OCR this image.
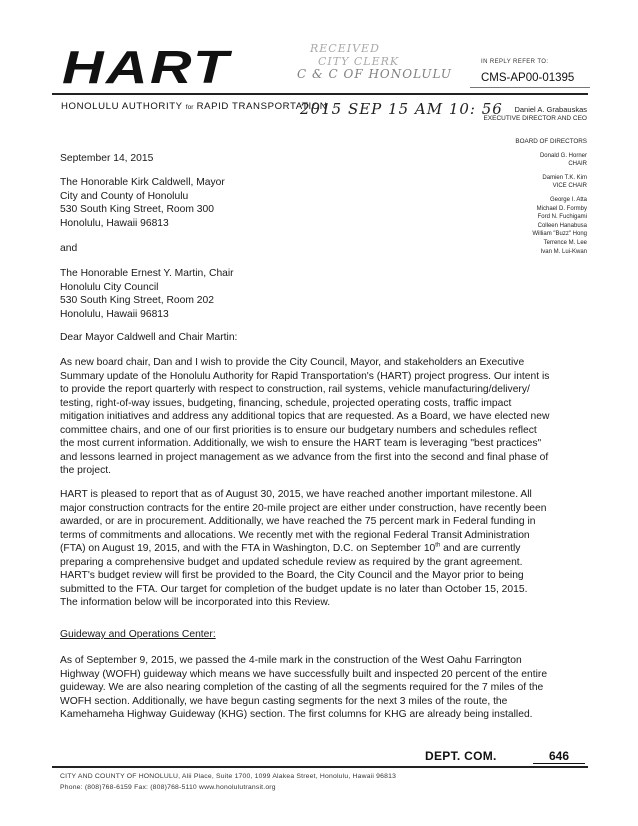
HART
HONOLULU AUTHORITY for RAPID TRANSPORTATION
RECEIVED
CITY CLERK
C & C OF HONOLULU
2015 SEP 15 AM 10: 56
IN REPLY REFER TO:
CMS-AP00-01395
Daniel A. Grabauskas
EXECUTIVE DIRECTOR AND CEO
BOARD OF DIRECTORS
Donald G. Horner
CHAIR
Damien T.K. Kim
VICE CHAIR
George I. Atta
Michael D. Formby
Ford N. Fuchigami
Colleen Hanabusa
William "Buzz" Hong
Terrence M. Lee
Ivan M. Lui-Kwan
September 14, 2015
The Honorable Kirk Caldwell, Mayor
City and County of Honolulu
530 South King Street, Room 300
Honolulu, Hawaii 96813
and
The Honorable Ernest Y. Martin, Chair
Honolulu City Council
530 South King Street, Room 202
Honolulu, Hawaii 96813
Dear Mayor Caldwell and Chair Martin:
As new board chair, Dan and I wish to provide the City Council, Mayor, and stakeholders an Executive
Summary update of the Honolulu Authority for Rapid Transportation's (HART) project progress. Our intent is
to provide the report quarterly with respect to construction, rail systems, vehicle manufacturing/delivery/
testing, right-of-way issues, budgeting, financing, schedule, projected operating costs, traffic impact
mitigation initiatives and address any additional topics that are requested. As a Board, we have elected new
committee chairs, and one of our first priorities is to ensure our budgetary numbers and schedules reflect
the most current information. Additionally, we wish to ensure the HART team is leveraging "best practices"
and lessons learned in project management as we advance from the first into the second and final phase of
the project.
HART is pleased to report that as of August 30, 2015, we have reached another important milestone. All
major construction contracts for the entire 20-mile project are either under construction, have recently been
awarded, or are in procurement. Additionally, we have reached the 75 percent mark in Federal funding in
terms of commitments and allocations. We recently met with the regional Federal Transit Administration
(FTA) on August 19, 2015, and with the FTA in Washington, D.C. on September 10th and are currently
preparing a comprehensive budget and updated schedule review as required by the grant agreement.
HART's budget review will first be provided to the Board, the City Council and the Mayor prior to being
submitted to the FTA. Our target for completion of the budget update is no later than October 15, 2015.
The information below will be incorporated into this Review.
Guideway and Operations Center:
As of September 9, 2015, we passed the 4-mile mark in the construction of the West Oahu Farrington
Highway (WOFH) guideway which means we have successfully built and inspected 20 percent of the entire
guideway. We are also nearing completion of the casting of all the segments required for the 7 miles of the
WOFH section. Additionally, we have begun casting segments for the next 3 miles of the route, the
Kamehameha Highway Guideway (KHG) section. The first columns for KHG are already being installed.
DEPT. COM.	646
CITY AND COUNTY OF HONOLULU, Alii Place, Suite 1700, 1099 Alakea Street, Honolulu, Hawaii 96813
Phone: (808)768-6159 Fax: (808)768-5110 www.honolulutransit.org
